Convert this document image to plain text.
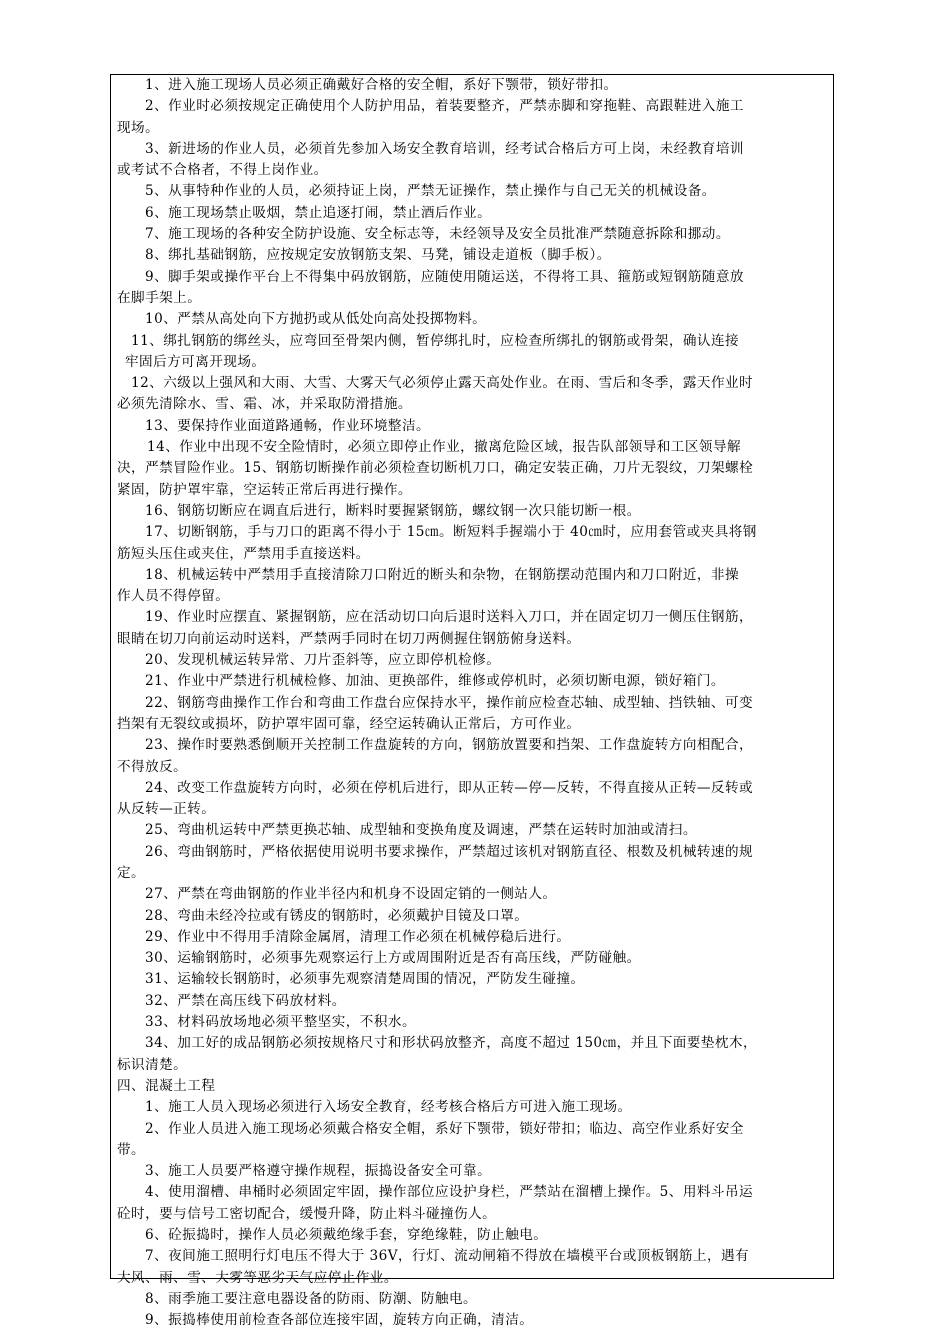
1、进入施工现场人员必须正确戴好合格的安全帽，系好下颚带，锁好带扣。
2、作业时必须按规定正确使用个人防护用品，着装要整齐，严禁赤脚和穿拖鞋、高跟鞋进入施工
现场。
3、新进场的作业人员，必须首先参加入场安全教育培训，经考试合格后方可上岗，未经教育培训
或考试不合格者，不得上岗作业。
5、从事特种作业的人员，必须持证上岗，严禁无证操作，禁止操作与自己无关的机械设备。
6、施工现场禁止吸烟，禁止追逐打闹，禁止酒后作业。
7、施工现场的各种安全防护设施、安全标志等，未经领导及安全员批准严禁随意拆除和挪动。
8、绑扎基础钢筋，应按规定安放钢筋支架、马凳，铺设走道板（脚手板）。
9、脚手架或操作平台上不得集中码放钢筋，应随使用随运送，不得将工具、箍筋或短钢筋随意放
在脚手架上。
10、严禁从高处向下方抛扔或从低处向高处投掷物料。
11、绑扎钢筋的绑丝头，应弯回至骨架内侧，暂停绑扎时，应检查所绑扎的钢筋或骨架，确认连接
牢固后方可离开现场。
12、六级以上强风和大雨、大雪、大雾天气必须停止露天高处作业。在雨、雪后和冬季，露天作业时
必须先清除水、雪、霜、冰，并采取防滑措施。
13、要保持作业面道路通畅，作业环境整洁。
14、作业中出现不安全险情时，必须立即停止作业，撤离危险区域，报告队部领导和工区领导解
决，严禁冒险作业。15、钢筋切断操作前必须检查切断机刀口，确定安装正确，刀片无裂纹，刀架螺栓
紧固，防护罩牢靠，空运转正常后再进行操作。
16、钢筋切断应在调直后进行，断料时要握紧钢筋，螺纹钢一次只能切断一根。
17、切断钢筋，手与刀口的距离不得小于 15㎝。断短料手握端小于 40㎝时，应用套管或夹具将钢
筋短头压住或夹住，严禁用手直接送料。
18、机械运转中严禁用手直接清除刀口附近的断头和杂物，在钢筋摆动范围内和刀口附近，非操
作人员不得停留。
19、作业时应摆直、紧握钢筋，应在活动切口向后退时送料入刀口，并在固定切刀一侧压住钢筋，
眼睛在切刀向前运动时送料，严禁两手同时在切刀两侧握住钢筋俯身送料。
20、发现机械运转异常、刀片歪斜等，应立即停机检修。
21、作业中严禁进行机械检修、加油、更换部件，维修或停机时，必须切断电源，锁好箱门。
22、钢筋弯曲操作工作台和弯曲工作盘台应保持水平，操作前应检查芯轴、成型轴、挡铁轴、可变
挡架有无裂纹或损坏，防护罩牢固可靠，经空运转确认正常后，方可作业。
23、操作时要熟悉倒顺开关控制工作盘旋转的方向，钢筋放置要和挡架、工作盘旋转方向相配合，
不得放反。
24、改变工作盘旋转方向时，必须在停机后进行，即从正转—停—反转，不得直接从正转—反转或
从反转—正转。
25、弯曲机运转中严禁更换芯轴、成型轴和变换角度及调速，严禁在运转时加油或清扫。
26、弯曲钢筋时，严格依据使用说明书要求操作，严禁超过该机对钢筋直径、根数及机械转速的规
定。
27、严禁在弯曲钢筋的作业半径内和机身不设固定销的一侧站人。
28、弯曲未经冷拉或有锈皮的钢筋时，必须戴护目镜及口罩。
29、作业中不得用手清除金属屑，清理工作必须在机械停稳后进行。
30、运输钢筋时，必须事先观察运行上方或周围附近是否有高压线，严防碰触。
31、运输较长钢筋时，必须事先观察清楚周围的情况，严防发生碰撞。
32、严禁在高压线下码放材料。
33、材料码放场地必须平整坚实，不积水。
34、加工好的成品钢筋必须按规格尺寸和形状码放整齐，高度不超过 150㎝，并且下面要垫枕木，
标识清楚。
四、混凝土工程
1、施工人员入现场必须进行入场安全教育，经考核合格后方可进入施工现场。
2、作业人员进入施工现场必须戴合格安全帽，系好下颚带，锁好带扣；临边、高空作业系好安全
带。
3、施工人员要严格遵守操作规程，振捣设备安全可靠。
4、使用溜槽、串桶时必须固定牢固，操作部位应设护身栏，严禁站在溜槽上操作。5、用料斗吊运
砼时，要与信号工密切配合，缓慢升降，防止料斗碰撞伤人。
6、砼振捣时，操作人员必须戴绝缘手套，穿绝缘鞋，防止触电。
7、夜间施工照明行灯电压不得大于 36V，行灯、流动闸箱不得放在墙模平台或顶板钢筋上，遇有
大风、雨、雪、大雾等恶劣天气应停止作业。
8、雨季施工要注意电器设备的防雨、防潮、防触电。
9、振捣棒使用前检查各部位连接牢固，旋转方向正确，清洁。
